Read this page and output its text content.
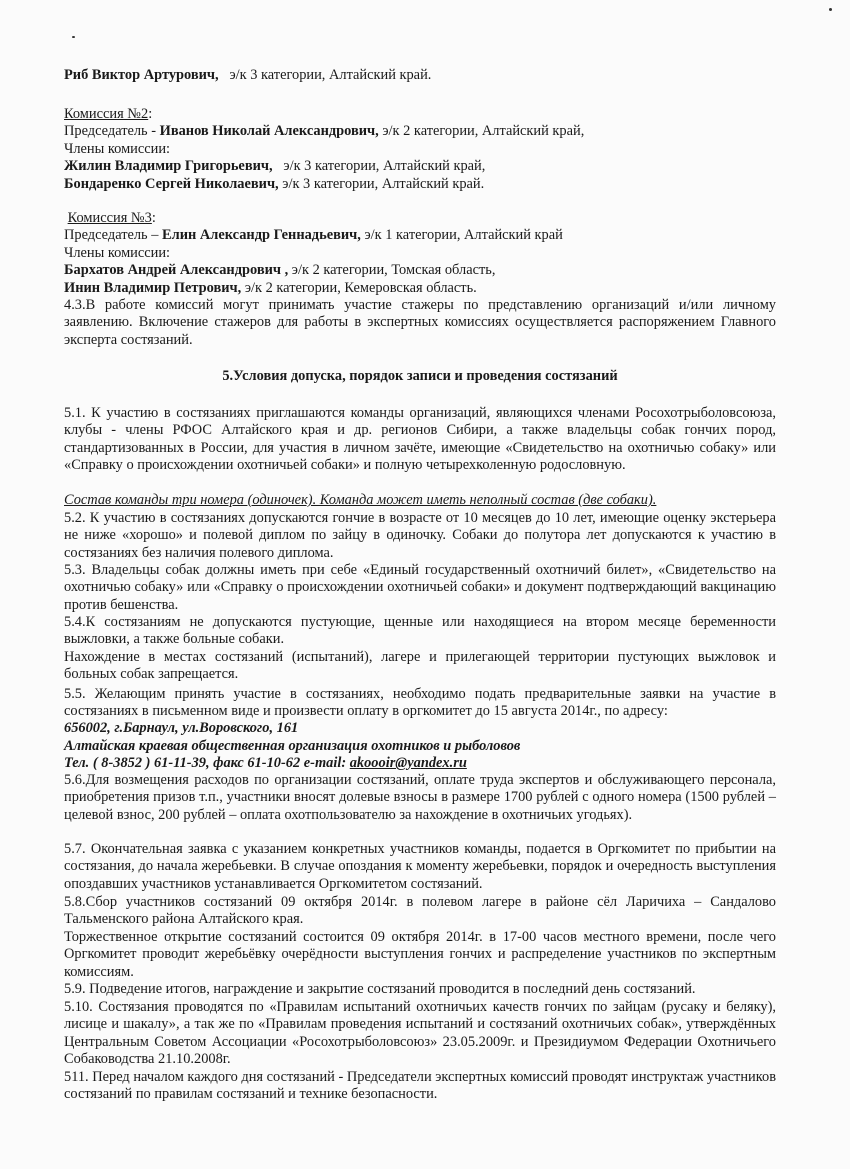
Риб Виктор Артурович, э/к 3 категории, Алтайский край.
Комиссия №2:
Председатель - Иванов Николай Александрович, э/к 2 категории, Алтайский край,
Члены комиссии:
Жилин Владимир Григорьевич, э/к 3 категории, Алтайский край,
Бондаренко Сергей Николаевич, э/к 3 категории, Алтайский край.
Комиссия №3:
Председатель – Елин Александр Геннадьевич, э/к 1 категории, Алтайский край
Члены комиссии:
Бархатов Андрей Александрович , э/к 2 категории, Томская область,
Инин Владимир Петрович, э/к 2 категории, Кемеровская область.
4.3.В работе комиссий могут принимать участие стажеры по представлению организаций и/или личному заявлению. Включение стажеров для работы в экспертных комиссиях осуществляется распоряжением Главного эксперта состязаний.
5.Условия допуска, порядок записи и проведения состязаний
5.1. К участию в состязаниях приглашаются команды организаций, являющихся членами Росохотрыболовсоюза, клубы - члены РФОС Алтайского края и др. регионов Сибири, а также владельцы собак гончих пород, стандартизованных в России, для участия в личном зачёте, имеющие «Свидетельство на охотничью собаку» или «Справку о происхождении охотничьей собаки» и полную четырехколенную родословную.
Состав команды три номера (одиночек). Команда может иметь неполный состав (две собаки).
5.2. К участию в состязаниях допускаются гончие в возрасте от 10 месяцев до 10 лет, имеющие оценку экстерьера не ниже «хорошо» и полевой диплом по зайцу в одиночку. Собаки до полутора лет допускаются к участию в состязаниях без наличия полевого диплома.
5.3. Владельцы собак должны иметь при себе «Единый государственный охотничий билет», «Свидетельство на охотничью собаку» или «Справку о происхождении охотничьей собаки» и документ подтверждающий вакцинацию против бешенства.
5.4.К состязаниям не допускаются пустующие, щенные или находящиеся на втором месяце беременности выжловки, а также больные собаки.
Нахождение в местах состязаний (испытаний), лагере и прилегающей территории пустующих выжловок и больных собак запрещается.
5.5. Желающим принять участие в состязаниях, необходимо подать предварительные заявки на участие в состязаниях в письменном виде и произвести оплату в оргкомитет до 15 августа 2014г., по адресу:
656002, г.Барнаул, ул.Воровского, 161
Алтайская краевая общественная организация охотников и рыболовов
Тел. ( 8-3852 ) 61-11-39, факс 61-10-62 e-mail: akoooir@yandex.ru
5.6.Для возмещения расходов по организации состязаний, оплате труда экспертов и обслуживающего персонала, приобретения призов т.п., участники вносят долевые взносы в размере 1700 рублей с одного номера (1500 рублей – целевой взнос, 200 рублей – оплата охотпользователю за нахождение в охотничьих угодьях).
5.7. Окончательная заявка с указанием конкретных участников команды, подается в Оргкомитет по прибытии на состязания, до начала жеребьевки. В случае опоздания к моменту жеребьевки, порядок и очередность выступления опоздавших участников устанавливается Оргкомитетом состязаний.
5.8.Сбор участников состязаний 09 октября 2014г. в полевом лагере в районе сёл Ларичиха – Сандалово Тальменского района Алтайского края.
Торжественное открытие состязаний состоится 09 октября 2014г. в 17-00 часов местного времени, после чего Оргкомитет проводит жеребьёвку очерёдности выступления гончих и распределение участников по экспертным комиссиям.
5.9. Подведение итогов, награждение и закрытие состязаний проводится в последний день состязаний.
5.10. Состязания проводятся по «Правилам испытаний охотничьих качеств гончих по зайцам (русаку и беляку), лисице и шакалу», а так же по «Правилам проведения испытаний и состязаний охотничьих собак», утверждённых Центральным Советом Ассоциации «Росохотрыболовсоюз» 23.05.2009г. и Президиумом Федерации Охотничьего Собаководства 21.10.2008г.
511. Перед началом каждого дня состязаний - Председатели экспертных комиссий проводят инструктаж участников состязаний по правилам состязаний и технике безопасности.
